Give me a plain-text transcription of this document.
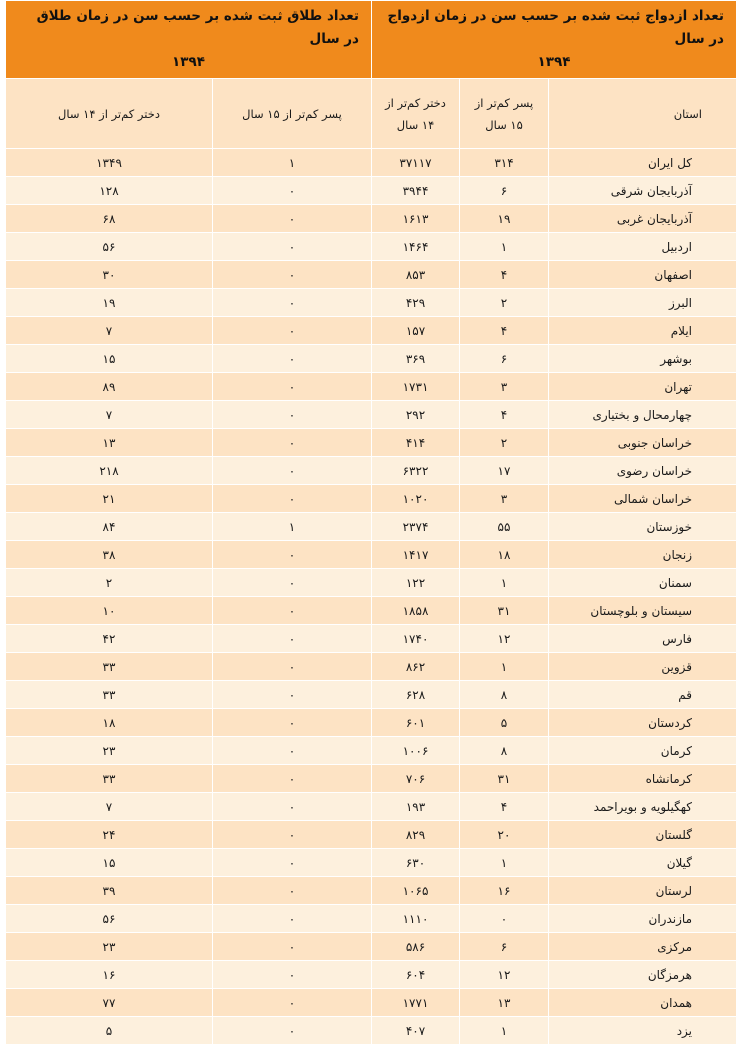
تعداد ازدواج ثبت شده بر حسب سن در زمان ازدواج در سال
۱۳۹۴			تعداد طلاق ثبت شده بر حسب سن در زمان طلاق در سال
۱۳۹۴	

استان	پسر کم‌تر از ۱۵ سال	دختر کم‌تر از ۱۴ سال	پسر کم‌تر از ۱۵ سال	دختر کم‌تر از ۱۴ سال
کل ایران	۳۱۴	۳۷۱۱۷	۱	۱۳۴۹
آذربایجان شرقی	۶	۳۹۴۴	۰	۱۲۸
آذربایجان غربی	۱۹	۱۶۱۳	۰	۶۸
اردبیل	۱	۱۴۶۴	۰	۵۶
اصفهان	۴	۸۵۳	۰	۳۰
البرز	۲	۴۲۹	۰	۱۹
ایلام	۴	۱۵۷	۰	۷
بوشهر	۶	۳۶۹	۰	۱۵
تهران	۳	۱۷۳۱	۰	۸۹
چهارمحال و بختیاری	۴	۲۹۲	۰	۷
خراسان جنوبی	۲	۴۱۴	۰	۱۳
خراسان رضوی	۱۷	۶۳۲۲	۰	۲۱۸
خراسان شمالی	۳	۱۰۲۰	۰	۲۱
خوزستان	۵۵	۲۳۷۴	۱	۸۴
زنجان	۱۸	۱۴۱۷	۰	۳۸
سمنان	۱	۱۲۲	۰	۲
سیستان و بلوچستان	۳۱	۱۸۵۸	۰	۱۰
فارس	۱۲	۱۷۴۰	۰	۴۲
قزوین	۱	۸۶۲	۰	۳۳
قم	۸	۶۲۸	۰	۳۳
کردستان	۵	۶۰۱	۰	۱۸
کرمان	۸	۱۰۰۶	۰	۲۳
کرمانشاه	۳۱	۷۰۶	۰	۳۳
کهگیلویه و بویراحمد	۴	۱۹۳	۰	۷
گلستان	۲۰	۸۲۹	۰	۲۴
گیلان	۱	۶۳۰	۰	۱۵
لرستان	۱۶	۱۰۶۵	۰	۳۹
مازندران	۰	۱۱۱۰	۰	۵۶
مرکزی	۶	۵۸۶	۰	۲۳
هرمزگان	۱۲	۶۰۴	۰	۱۶
همدان	۱۳	۱۷۷۱	۰	۷۷
یزد	۱	۴۰۷	۰	۵
